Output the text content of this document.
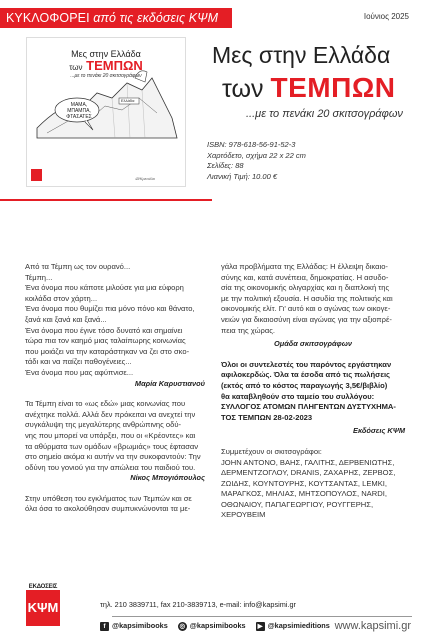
ΚΥΚΛΟΦΟΡΕΙ από τις εκδόσεις ΚΨΜ	Ιούνιος 2025
Μες στην Ελλάδα
των ΤΕΜΠΩΝ
...με το πενάκι 20 σκιτσογράφων
ΜΑΜΑ,
ΜΠΑΜΠΑ,
ΦΤΑΣΑΤΕΣ
Ελλάδα
Ø/Κρεούλο
Μες στην Ελλάδα
των ΤΕΜΠΩΝ
...με το πενάκι 20 σκιτσογράφων
ISBN: 978-618-56-91-52-3
Χαρτόδετο, σχήμα 22 x 22 cm
Σελίδες: 88
Λιανική Τιμή: 10.00 €
Από τα Τέμπη ως τον ουρανό...
Τέμπη...
Ένα όνομα που κάποτε μιλούσε για μια εύφορη
κοιλάδα στον χάρτη...
Ένα όνομα που θυμίζει πια μόνο πόνο και θάνατο,
ξανά και ξανά και ξανά...
Ένα όνομα που έγινε τόσο δυνατό και σημαίνει
τώρα πια τον καημό μιας ταλαίπωρης κοινωνίας
που μοιάζει να την καταράστηκαν να ζει στο σκο-
τάδι και να παίζει παθογένειες...
Ένα όνομα που μας αφύπνισε...
Μαρία Καρυστιανού
Τα Τέμπη είναι το «ως εδώ» μιας κοινωνίας που
ανέχτηκε πολλά. Αλλά δεν πρόκειται να ανεχτεί την
συγκάλυψη της μεγαλύτερης ανθρώπινης οδύ-
νης που μπορεί να υπάρξει, που οι «Κρέοντες» και
τα αθύρματα των ομάδων «βρωμιάς» τους έφτασαν
στο σημείο ακόμα κι αυτήν να την συκοφαντούν: Την
οδύνη του γονιού για την απώλεια του παιδιού του.
Νίκος Μπογιόπουλος
Στην υπόθεση του εγκλήματος των Τεμπών και σε
όλα όσα το ακολούθησαν συμπυκνώνονται τα με-
γάλα προβλήματα της Ελλάδας: Η έλλειψη δικαιο-
σύνης και, κατά συνέπεια, δημοκρατίας. Η ασυδο-
σία της οικονομικής ολιγαρχίας και η διαπλοκή της
με την πολιτική εξουσία. Η ασυδία της πολιτικής και
οικονομικής ελίτ. Γι' αυτό και ο αγώνας των οικογε-
νειών για δικαιοσύνη είναι αγώνας για την αξιοπρέ-
πεια της χώρας.
Ομάδα σκιτσογράφων
Όλοι οι συντελεστές του παρόντος εργάστηκαν
αφιλοκερδώς. Όλα τα έσοδα από τις πωλήσεις
(εκτός από το κόστος παραγωγής 3,5€/βιβλίο)
θα καταβληθούν στο ταμείο του συλλόγου:
ΣΥΛΛΟΓΟΣ ΑΤΟΜΩΝ ΠΛΗΓΕΝΤΩΝ ΔΥΣΤΥΧΗΜΑ-
ΤΟΣ ΤΕΜΠΩΝ 28-02-2023
Εκδόσεις ΚΨΜ
Συμμετέχουν οι σκιτσογράφοι:
JOHN ANTONO, ΒΑΗΣ, ΓΑΛΙΤΗΣ, ΔΕΡΒΕΝΙΩΤΗΣ,
ΔΕΡΜΕΝΤΖΟΓΛΟΥ, DRANIS, ΖΑΧΑΡΗΣ, ΖΕΡΒΟΣ,
ΖΩΙΔΗΣ, ΚΟΥΝΤΟΥΡΗΣ, ΚΟΥΤΣΑΝΤΑΣ, LEMKI,
ΜΑΡΑΓΚΟΣ, ΜΗΛΙΑΣ, ΜΗΤΣΟΠΟΥΛΟΣ, NARDI,
ΟΘΩΝΑΙΟΥ, ΠΑΠΑΓΕΩΡΓΙΟΥ, ΡΟΥΓΓΕΡΗΣ,
ΧΕΡΟΥΒΕΙΜ
ΕΚΔΟΣΕΙΣ
ΚΨΜ	τηλ. 210 3839711, fax 210-3839713, e-mail: info@kapsimi.gr
f @kapsimibooks ◎ @kapsimibooks	▶ @kapsimieditions www.kapsimi.gr
